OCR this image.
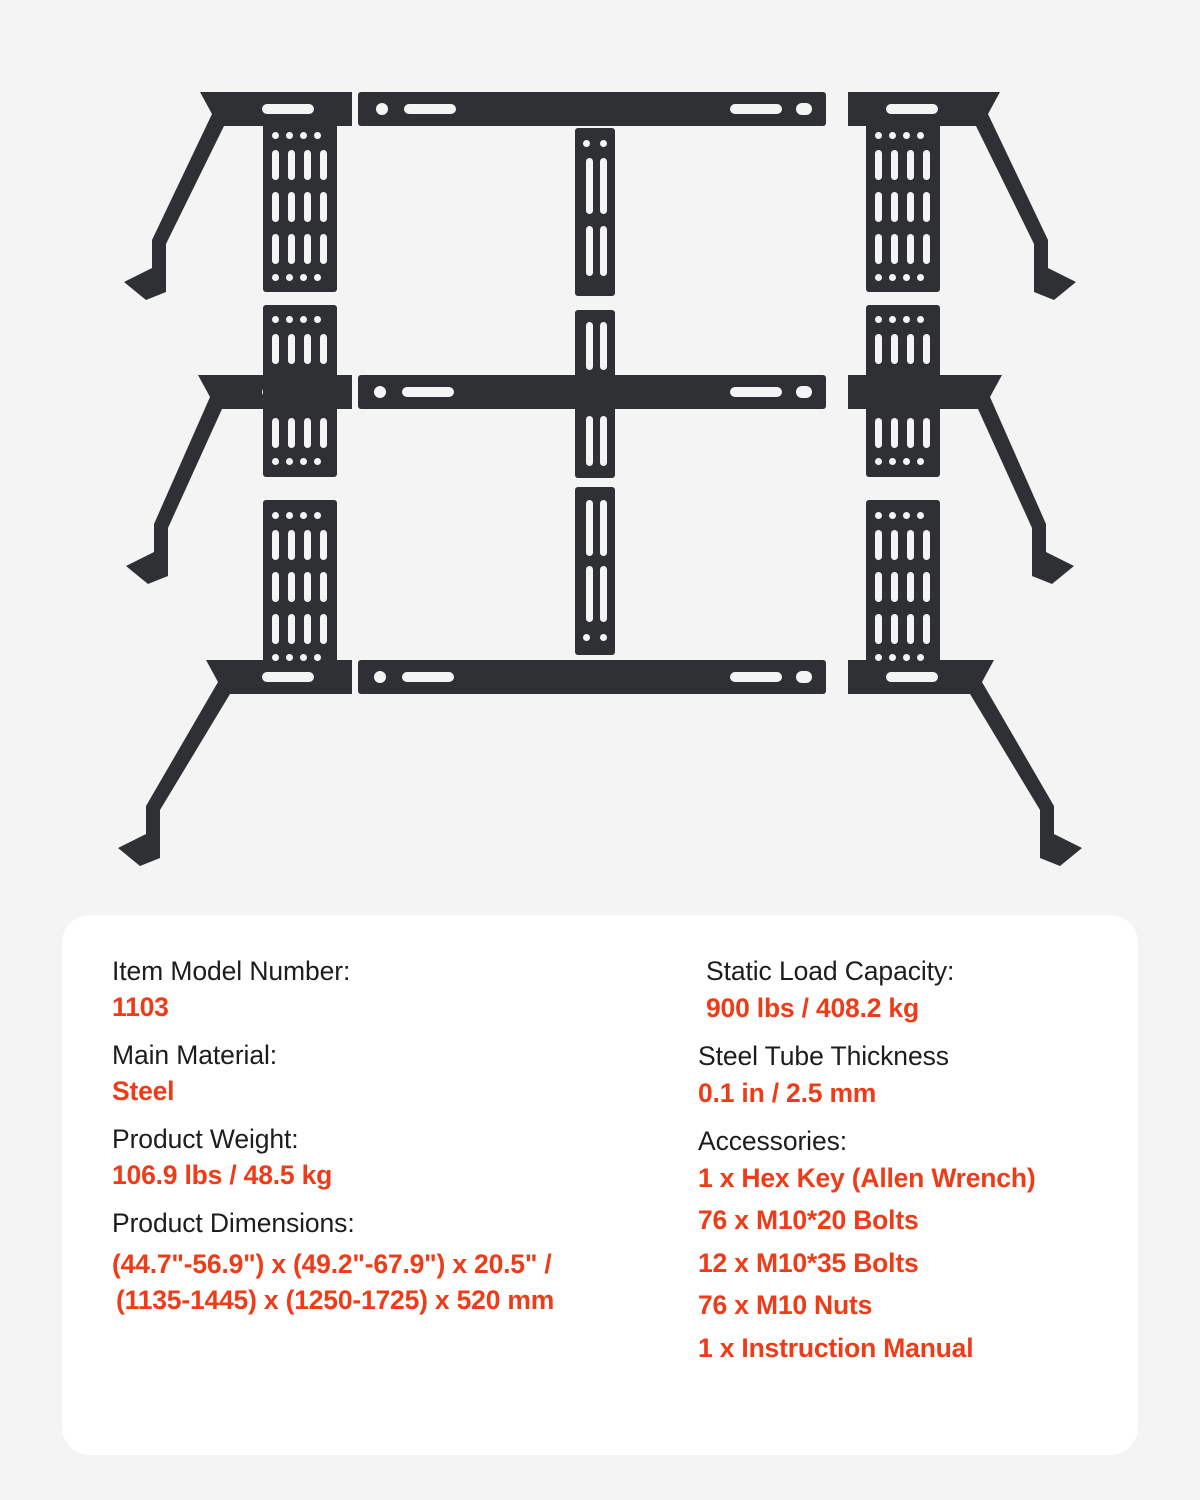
Item Model Number:
1103
Main Material:
Steel
Product Weight:
106.9 lbs / 48.5 kg
Product Dimensions:
(44.7"-56.9") x (49.2"-67.9") x 20.5" /
(1135-1445) x (1250-1725) x 520 mm
Static Load Capacity:
900 lbs / 408.2 kg
Steel Tube Thickness
0.1 in / 2.5 mm
Accessories:
1 x Hex Key (Allen Wrench)
76 x M10*20 Bolts
12 x M10*35 Bolts
76 x M10 Nuts
1 x Instruction Manual
